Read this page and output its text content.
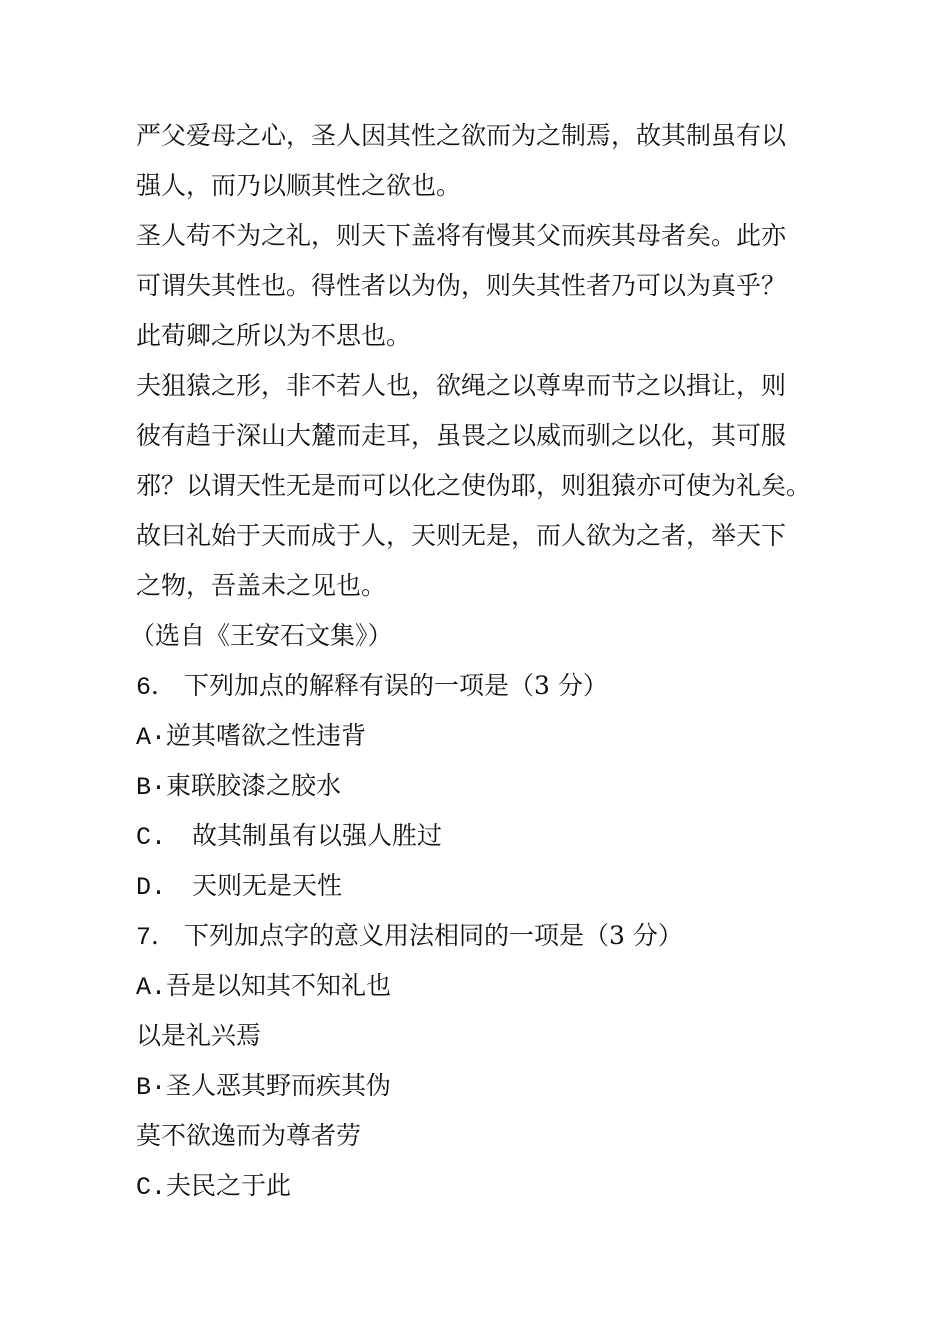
严父爱母之心，圣人因其性之欲而为之制焉，故其制虽有以
强人，而乃以顺其性之欲也。
圣人苟不为之礼，则天下盖将有慢其父而疾其母者矣。此亦
可谓失其性也。得性者以为伪，则失其性者乃可以为真乎？
此荀卿之所以为不思也。
夫狙猿之形，非不若人也，欲绳之以尊卑而节之以揖让，则
彼有趋于深山大麓而走耳，虽畏之以威而驯之以化，其可服
邪？以谓天性无是而可以化之使伪耶，则狙猿亦可使为礼矣。
故曰礼始于天而成于人，天则无是，而人欲为之者，举天下
之物，吾盖未之见也。
（选自《王安石文集》）
6． 下列加点的解释有误的一项是（3 分）
A·逆其嗜欲之性违背
B·東联胶漆之胶水
C. 故其制虽有以强人胜过
D. 天则无是天性
7． 下列加点字的意义用法相同的一项是（3 分）
A.吾是以知其不知礼也
以是礼兴焉
B·圣人恶其野而疾其伪
莫不欲逸而为尊者劳
C.夫民之于此
